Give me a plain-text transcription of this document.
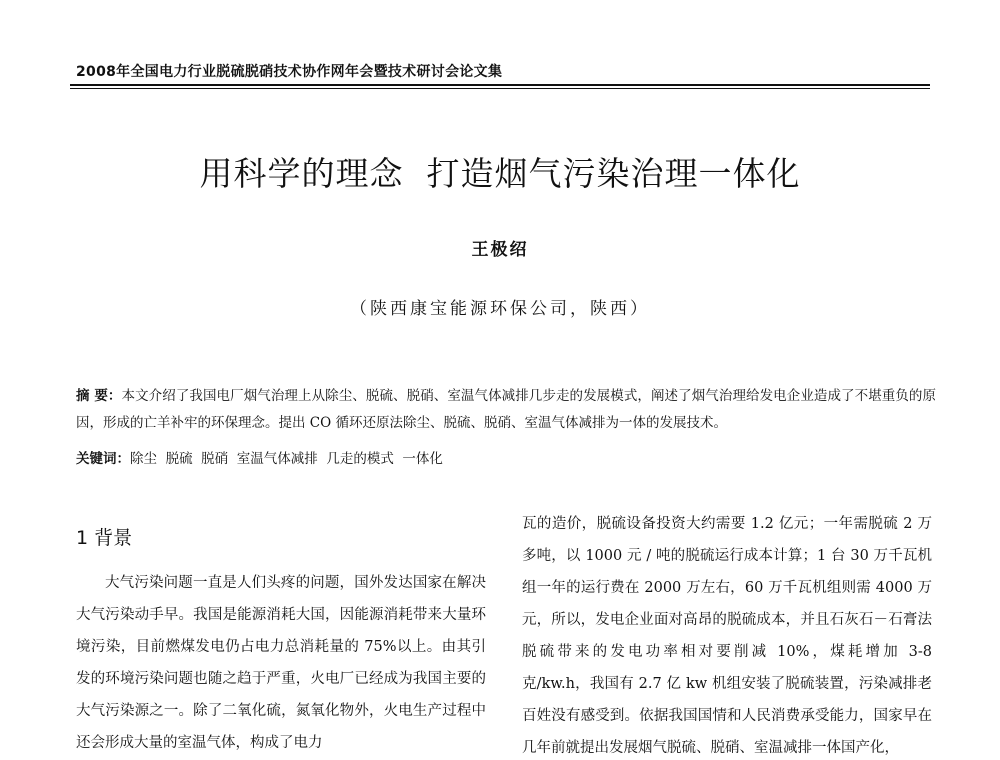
2008年全国电力行业脱硫脱硝技术协作网年会暨技术研讨会论文集
用科学的理念  打造烟气污染治理一体化
王极绍
（陕西康宝能源环保公司，陕西）
摘 要：本文介绍了我国电厂烟气治理上从除尘、脱硫、脱硝、室温气体减排几步走的发展模式，阐述了烟气治理给发电企业造成了不堪重负的原因，形成的亡羊补牢的环保理念。提出 CO 循环还原法除尘、脱硫、脱硝、室温气体减排为一体的发展技术。
关键词：除尘  脱硫  脱硝  室温气体减排  几走的模式  一体化
1 背景
大气污染问题一直是人们头疼的问题，国外发达国家在解决大气污染动手早。我国是能源消耗大国，因能源消耗带来大量环境污染，目前燃煤发电仍占电力总消耗量的 75%以上。由其引发的环境污染问题也随之趋于严重，火电厂已经成为我国主要的大气污染源之一。除了二氧化硫，氮氧化物外，火电生产过程中还会形成大量的室温气体，构成了电力
瓦的造价，脱硫设备投资大约需要 1.2 亿元；一年需脱硫 2 万多吨，以 1000 元 / 吨的脱硫运行成本计算；1 台 30 万千瓦机组一年的运行费在 2000 万左右，60 万千瓦机组则需 4000 万元，所以，发电企业面对高昂的脱硫成本，并且石灰石－石膏法脱硫带来的发电功率相对要削减 10%，煤耗增加 3-8 克/kw.h，我国有 2.7 亿 kw 机组安装了脱硫装置，污染减排老百姓没有感受到。依据我国国情和人民消费承受能力，国家早在几年前就提出发展烟气脱硫、脱硝、室温减排一体国产化，
